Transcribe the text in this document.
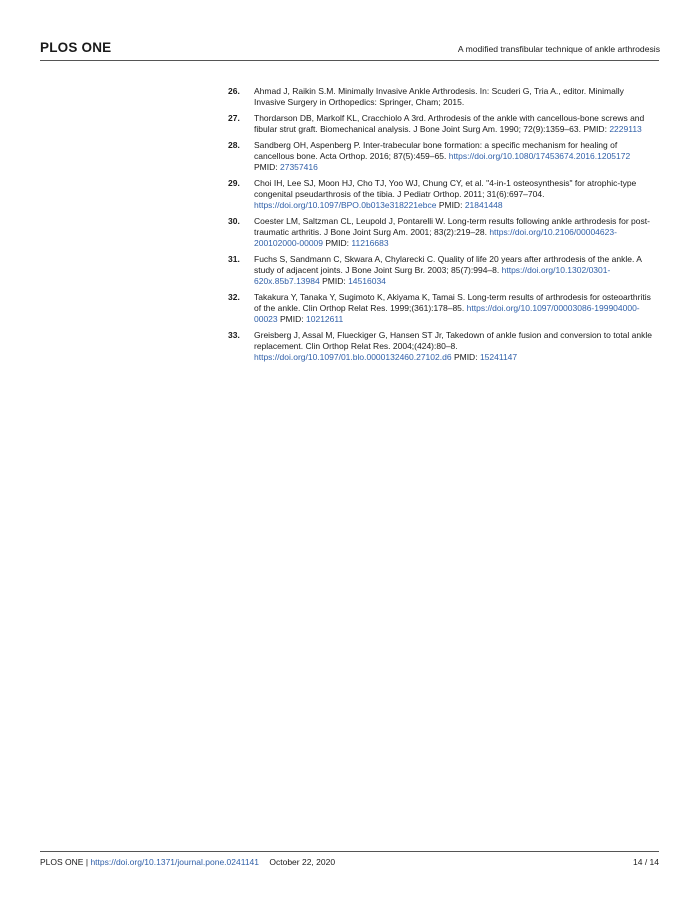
PLOS ONE	A modified transfibular technique of ankle arthrodesis
26. Ahmad J, Raikin S.M. Minimally Invasive Ankle Arthrodesis. In: Scuderi G, Tria A., editor. Minimally Invasive Surgery in Orthopedics: Springer, Cham; 2015.
27. Thordarson DB, Markolf KL, Cracchiolo A 3rd. Arthrodesis of the ankle with cancellous-bone screws and fibular strut graft. Biomechanical analysis. J Bone Joint Surg Am. 1990; 72(9):1359–63. PMID: 2229113
28. Sandberg OH, Aspenberg P. Inter-trabecular bone formation: a specific mechanism for healing of cancellous bone. Acta Orthop. 2016; 87(5):459–65. https://doi.org/10.1080/17453674.2016.1205172 PMID: 27357416
29. Choi IH, Lee SJ, Moon HJ, Cho TJ, Yoo WJ, Chung CY, et al. "4-in-1 osteosynthesis" for atrophic-type congenital pseudarthrosis of the tibia. J Pediatr Orthop. 2011; 31(6):697–704. https://doi.org/10.1097/BPO.0b013e318221ebce PMID: 21841448
30. Coester LM, Saltzman CL, Leupold J, Pontarelli W. Long-term results following ankle arthrodesis for post-traumatic arthritis. J Bone Joint Surg Am. 2001; 83(2):219–28. https://doi.org/10.2106/00004623-200102000-00009 PMID: 11216683
31. Fuchs S, Sandmann C, Skwara A, Chylarecki C. Quality of life 20 years after arthrodesis of the ankle. A study of adjacent joints. J Bone Joint Surg Br. 2003; 85(7):994–8. https://doi.org/10.1302/0301-620x.85b7.13984 PMID: 14516034
32. Takakura Y, Tanaka Y, Sugimoto K, Akiyama K, Tamai S. Long-term results of arthrodesis for osteoarthritis of the ankle. Clin Orthop Relat Res. 1999;(361):178–85. https://doi.org/10.1097/00003086-199904000-00023 PMID: 10212611
33. Greisberg J, Assal M, Flueckiger G, Hansen ST Jr, Takedown of ankle fusion and conversion to total ankle replacement. Clin Orthop Relat Res. 2004;(424):80–8. https://doi.org/10.1097/01.blo.0000132460.27102.d6 PMID: 15241147
PLOS ONE | https://doi.org/10.1371/journal.pone.0241141 October 22, 2020	14 / 14
